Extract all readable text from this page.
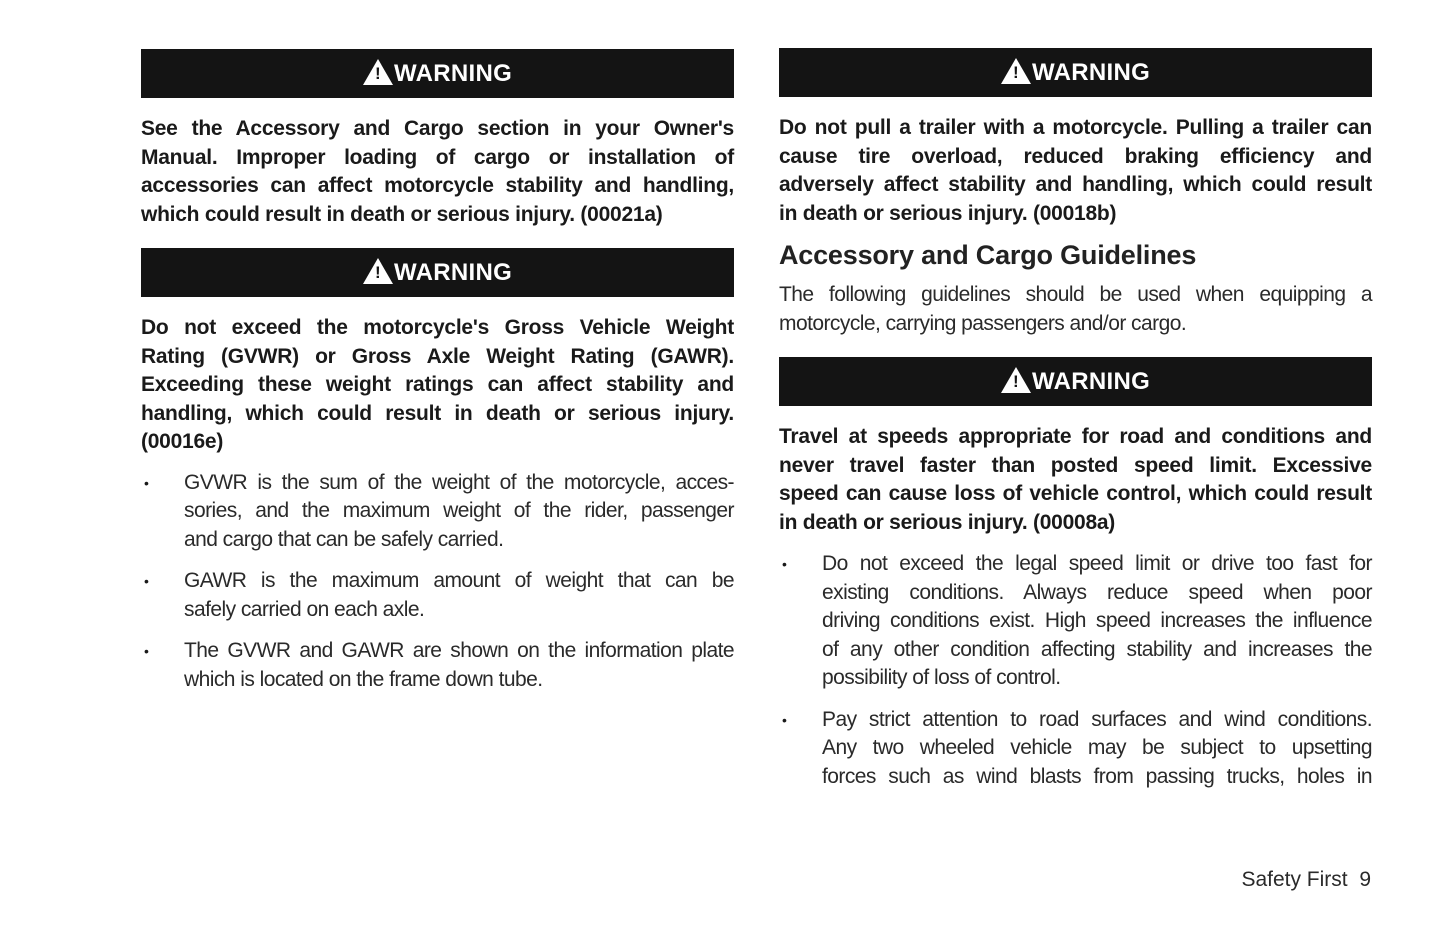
! WARNING
See the Accessory and Cargo section in your Owner's
Manual. Improper loading of cargo or installation of
accessories can affect motorcycle stability and handling,
which could result in death or serious injury. (00021a)
! WARNING
Do not exceed the motorcycle's Gross Vehicle Weight
Rating (GVWR) or Gross Axle Weight Rating (GAWR).
Exceeding these weight ratings can affect stability and
handling, which could result in death or serious injury.
(00016e)
• GVWR is the sum of the weight of the motorcycle, acces-
sories, and the maximum weight of the rider, passenger
and cargo that can be safely carried.
• GAWR is the maximum amount of weight that can be
safely carried on each axle.
• The GVWR and GAWR are shown on the information plate
which is located on the frame down tube.
! WARNING
Do not pull a trailer with a motorcycle. Pulling a trailer can
cause tire overload, reduced braking efficiency and
adversely affect stability and handling, which could result
in death or serious injury. (00018b)
Accessory and Cargo Guidelines
The following guidelines should be used when equipping a
motorcycle, carrying passengers and/or cargo.
! WARNING
Travel at speeds appropriate for road and conditions and
never travel faster than posted speed limit. Excessive
speed can cause loss of vehicle control, which could result
in death or serious injury. (00008a)
• Do not exceed the legal speed limit or drive too fast for
existing conditions. Always reduce speed when poor
driving conditions exist. High speed increases the influence
of any other condition affecting stability and increases the
possibility of loss of control.
• Pay strict attention to road surfaces and wind conditions.
Any two wheeled vehicle may be subject to upsetting
forces such as wind blasts from passing trucks, holes in
Safety First 9
